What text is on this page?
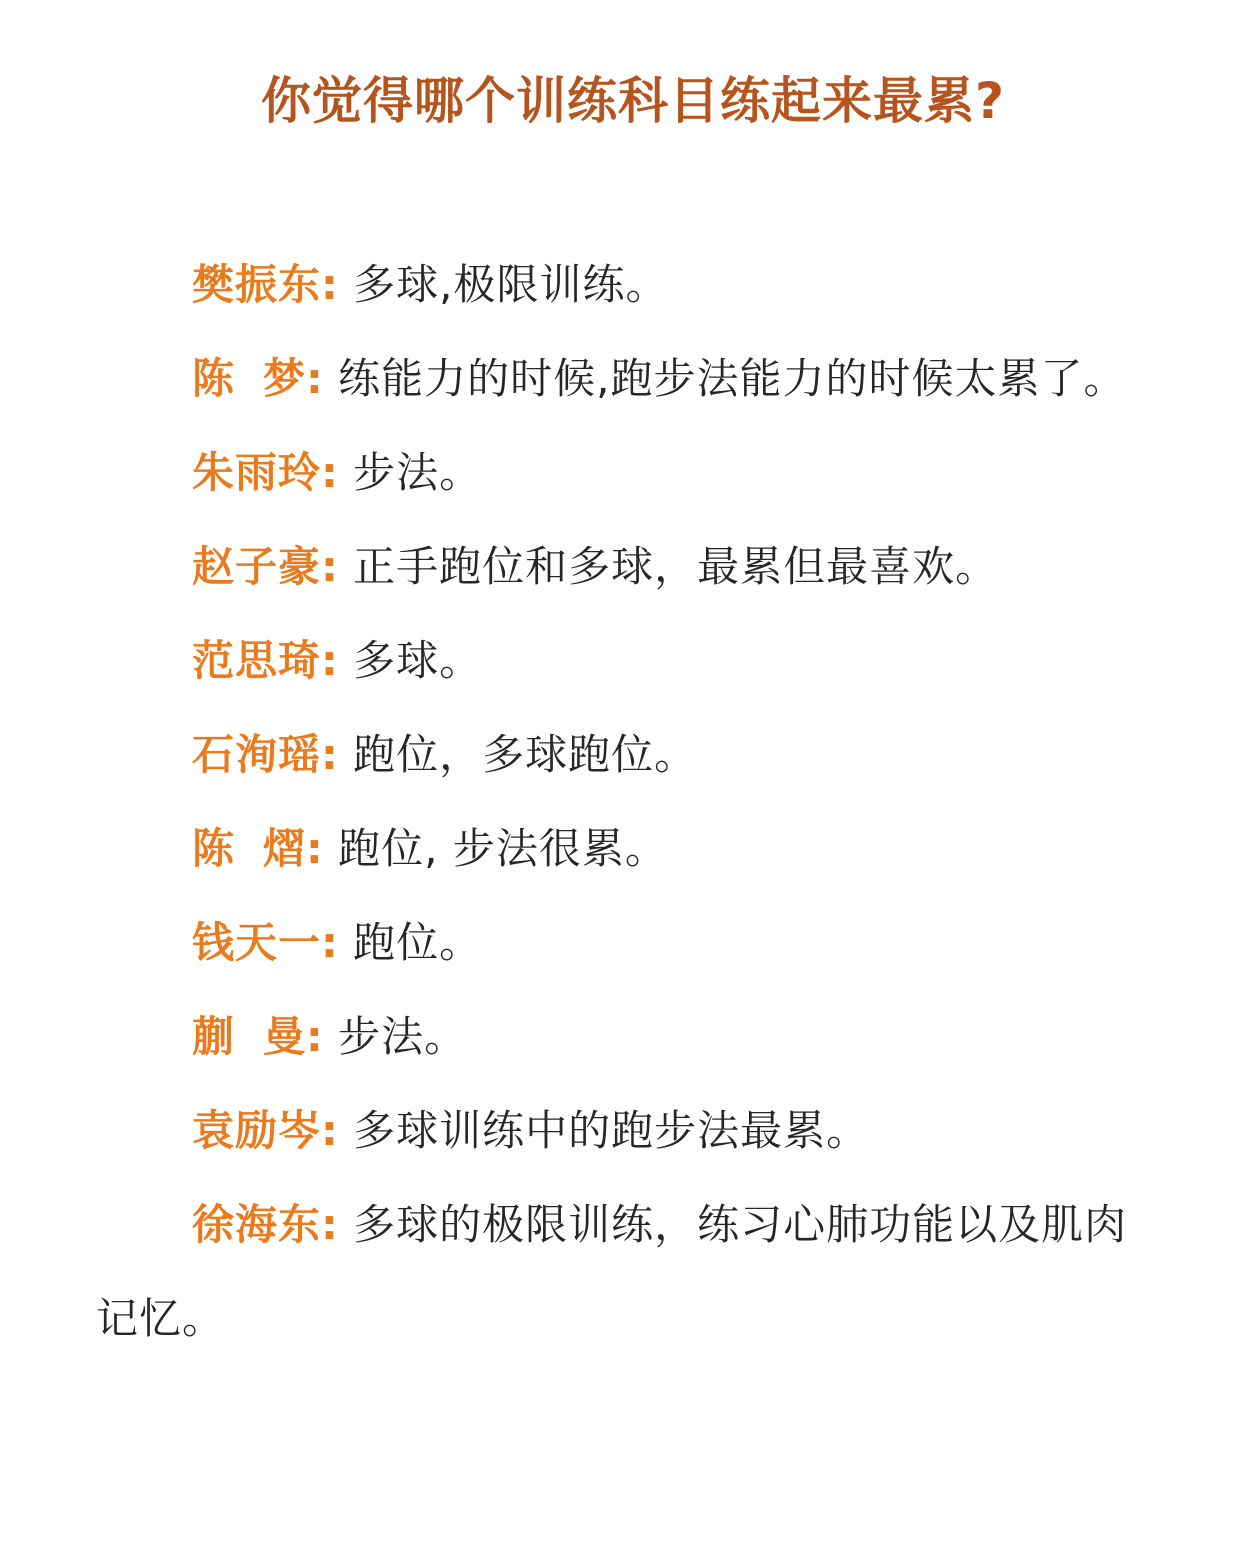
你觉得哪个训练科目练起来最累?

樊振东: 多球,极限训练。

陈 梦: 练能力的时候,跑步法能力的时候太累了。

朱雨玲: 步法。

赵子豪: 正手跑位和多球，最累但最喜欢。

范思琦: 多球。

石洵瑶: 跑位，多球跑位。

陈 熠: 跑位, 步法很累。

钱天一: 跑位。

蒯 曼: 步法。

袁励岑: 多球训练中的跑步法最累。

徐海东: 多球的极限训练，练习心肺功能以及肌肉记忆。
